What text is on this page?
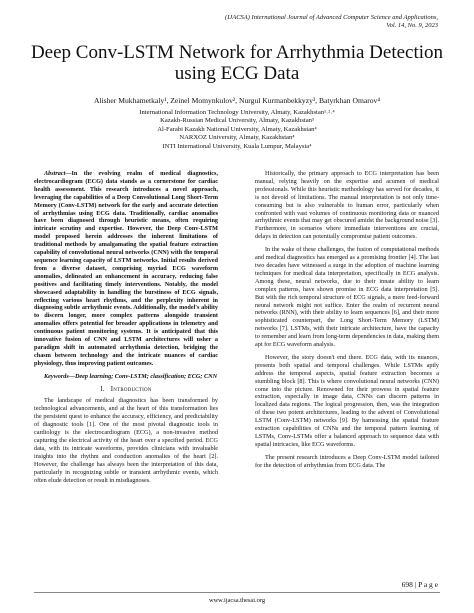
(IJACSA) International Journal of Advanced Computer Science and Applications,
Vol. 14, No. 9, 2023
Deep Conv-LSTM Network for Arrhythmia Detection using ECG Data
Alisher Mukhametkaly¹, Zeinel Momynkulov², Nurgul Kurmanbekkyzy³, Batyrkhan Omarov⁴
International Information Technology University, Almaty, Kazakhstan¹˒²˒⁴
Kazakh-Russian Medical University, Almaty, Kazakhstan³
Al-Farabi Kazakh National University, Almaty, Kazakhstan⁴
NARXOZ University, Almaty, Kazakhstan⁴
INTI International University, Kuala Lumpur, Malaysia⁴

Abstract—In the evolving realm of medical diagnostics, electrocardiogram (ECG) data stands as a cornerstone for cardiac health assessment. This research introduces a novel approach, leveraging the capabilities of a Deep Convolutional Long Short-Term Memory (Conv-LSTM) network for the early and accurate detection of arrhythmias using ECG data. Traditionally, cardiac anomalies have been diagnosed through heuristic means, often requiring intricate scrutiny and expertise. However, the Deep Conv-LSTM model proposed herein addresses the inherent limitations of traditional methods by amalgamating the spatial feature extraction capability of convolutional neural networks (CNN) with the temporal sequence learning capacity of LSTM networks. Initial results derived from a diverse dataset, comprising myriad ECG waveform anomalies, delineated an enhancement in accuracy, reducing false positives and facilitating timely interventions. Notably, the model showcased adaptability in handling the burstiness of ECG signals, reflecting various heart rhythms, and the perplexity inherent in diagnosing subtle arrhythmic events. Additionally, the model's ability to discern longer, more complex patterns alongside transient anomalies offers potential for broader applications in telemetry and continuous patient monitoring systems. It is anticipated that this innovative fusion of CNN and LSTM architectures will usher a paradigm shift in automated arrhythmia detection, bridging the chasm between technology and the intricate nuances of cardiac physiology, thus improving patient outcomes.

Keywords—Deep learning; Conv-LSTM; classification; ECG; CNN

I. Introduction

The landscape of medical diagnostics has been transformed by technological advancements, and at the heart of this transformation lies the persistent quest to enhance the accuracy, efficiency, and predictability of diagnostic tools [1]. One of the most pivotal diagnostic tools in cardiology is the electrocardiogram (ECG), a non-invasive method capturing the electrical activity of the heart over a specified period. ECG data, with its intricate waveforms, provides clinicians with invaluable insights into the rhythm and conduction anomalies of the heart [2]. However, the challenge has always been the interpretation of this data, particularly in recognizing subtle or transient arrhythmic events, which often elude detection or result in misdiagnoses.

Historically, the primary approach to ECG interpretation has been manual, relying heavily on the expertise and acumen of medical professionals. While this heuristic methodology has served for decades, it is not devoid of limitations. The manual interpretation is not only time-consuming but is also vulnerable to human error, particularly when confronted with vast volumes of continuous monitoring data or nuanced arrhythmic events that may get obscured amidst the background noise [3]. Furthermore, in scenarios where immediate interventions are crucial, delays in detection can potentially compromise patient outcomes.

In the wake of these challenges, the fusion of computational methods and medical diagnostics has emerged as a promising frontier [4]. The last two decades have witnessed a surge in the adoption of machine learning techniques for medical data interpretation, specifically in ECG analysis. Among these, neural networks, due to their innate ability to learn complex patterns, have shown promise in ECG data interpretation [5]. But with the rich temporal structure of ECG signals, a mere feed-forward neural network might not suffice. Enter the realm of recurrent neural networks (RNN), with their ability to learn sequences [6], and their more sophisticated counterpart, the Long Short-Term Memory (LSTM) networks [7]. LSTMs, with their intricate architecture, have the capacity to remember and learn from long-term dependencies in data, making them apt for ECG waveform analysis.

However, the story doesn't end there. ECG data, with its nuances, presents both spatial and temporal challenges. While LSTMs aptly address the temporal aspects, spatial feature extraction becomes a stumbling block [8]. This is where convolutional neural networks (CNN) come into the picture. Renowned for their prowess in spatial feature extraction, especially in image data, CNNs can discern patterns in localized data regions. The logical progression, then, was the integration of these two potent architectures, leading to the advent of Convolutional LSTM (Conv-LSTM) networks [9]. By harnessing the spatial feature extraction capabilities of CNNs and the temporal pattern learning of LSTMs, Conv-LSTMs offer a balanced approach to sequence data with spatial intricacies, like ECG waveforms.

The present research introduces a Deep Conv-LSTM model tailored for the detection of arrhythmias from ECG data. The

698 | P a g e
www.ijacsa.thesai.org
